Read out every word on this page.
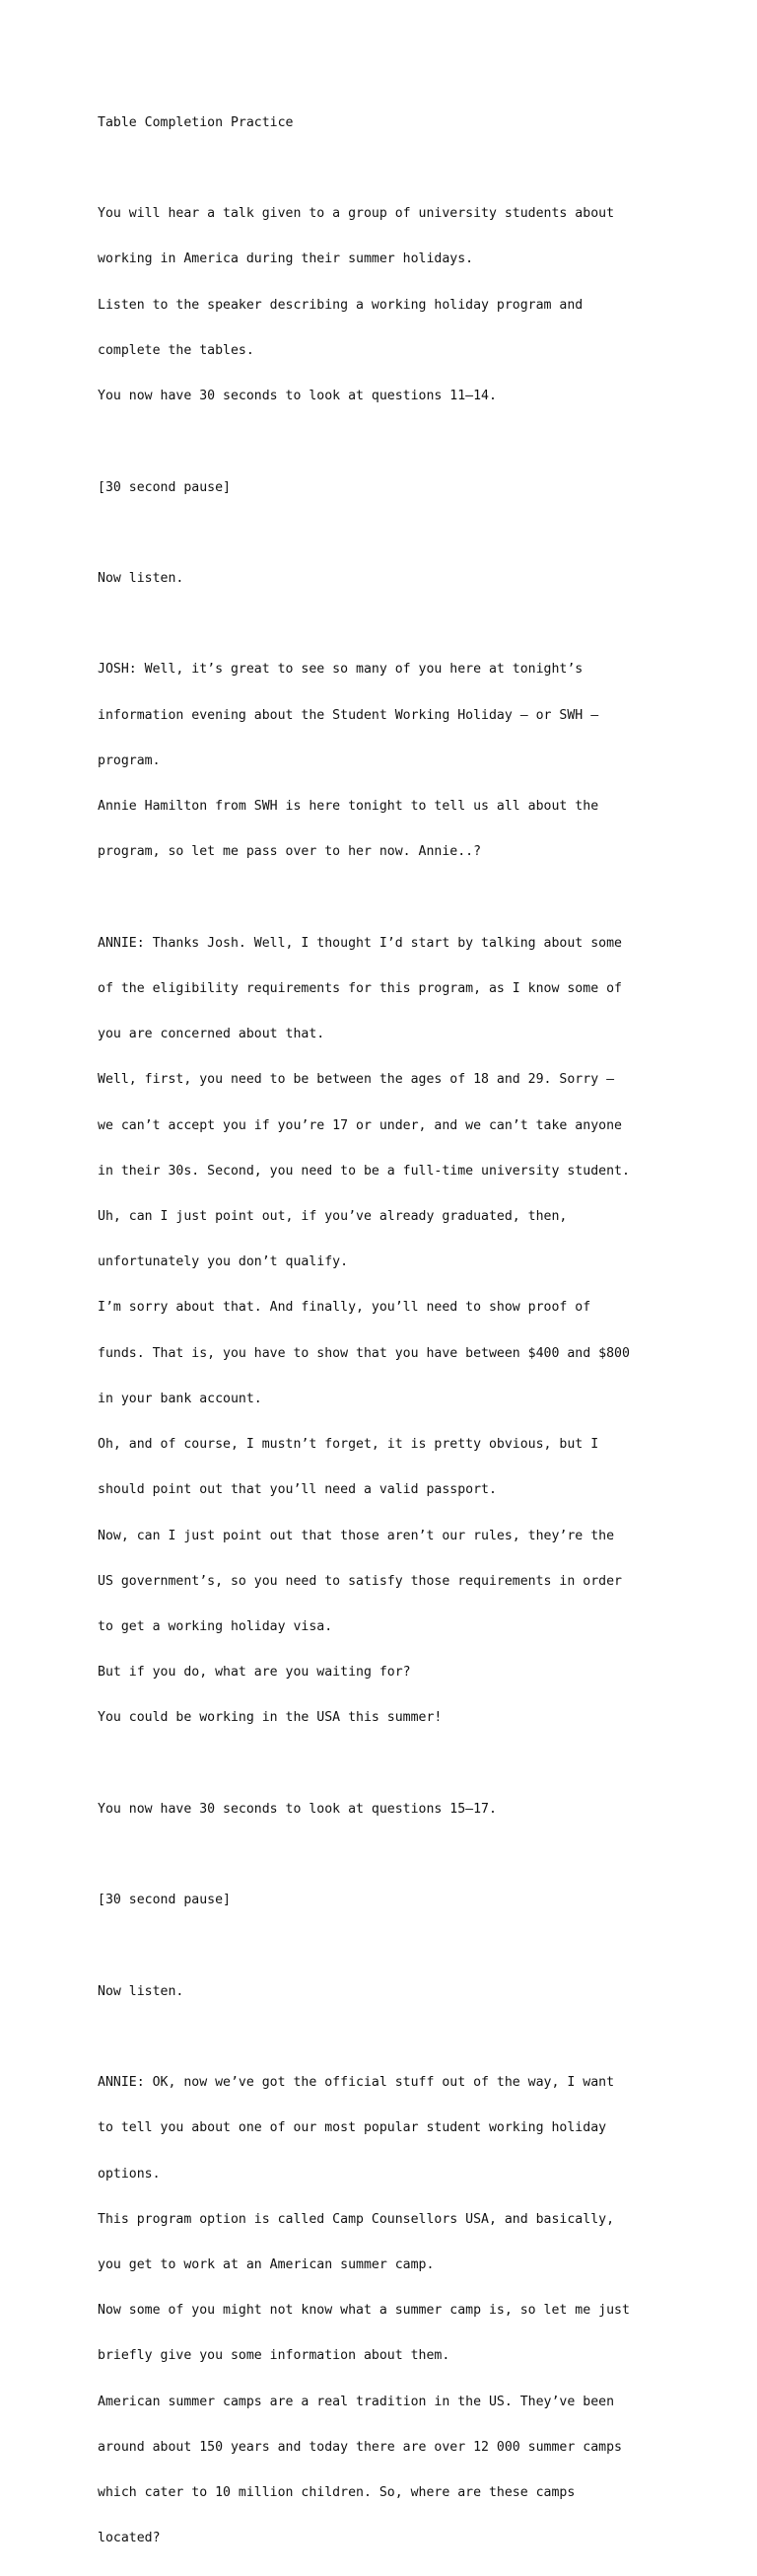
Table Completion Practice

You will hear a talk given to a group of university students about

working in America during their summer holidays.

Listen to the speaker describing a working holiday program and

complete the tables.

You now have 30 seconds to look at questions 11–14.

[30 second pause]

Now listen.

JOSH: Well, it’s great to see so many of you here at tonight’s

information evening about the Student Working Holiday – or SWH –

program.

Annie Hamilton from SWH is here tonight to tell us all about the

program, so let me pass over to her now. Annie..?

ANNIE: Thanks Josh. Well, I thought I’d start by talking about some

of the eligibility requirements for this program, as I know some of

you are concerned about that.

Well, first, you need to be between the ages of 18 and 29. Sorry –

we can’t accept you if you’re 17 or under, and we can’t take anyone

in their 30s. Second, you need to be a full-time university student.

Uh, can I just point out, if you’ve already graduated, then,

unfortunately you don’t qualify.

I’m sorry about that. And finally, you’ll need to show proof of

funds. That is, you have to show that you have between $400 and $800

in your bank account.

Oh, and of course, I mustn’t forget, it is pretty obvious, but I

should point out that you’ll need a valid passport.

Now, can I just point out that those aren’t our rules, they’re the

US government’s, so you need to satisfy those requirements in order

to get a working holiday visa.

But if you do, what are you waiting for?

You could be working in the USA this summer!

You now have 30 seconds to look at questions 15–17.

[30 second pause]

Now listen.

ANNIE: OK, now we’ve got the official stuff out of the way, I want

to tell you about one of our most popular student working holiday

options.

This program option is called Camp Counsellors USA, and basically,

you get to work at an American summer camp.

Now some of you might not know what a summer camp is, so let me just

briefly give you some information about them.

American summer camps are a real tradition in the US. They’ve been

around about 150 years and today there are over 12 000 summer camps

which cater to 10 million children. So, where are these camps

located?
